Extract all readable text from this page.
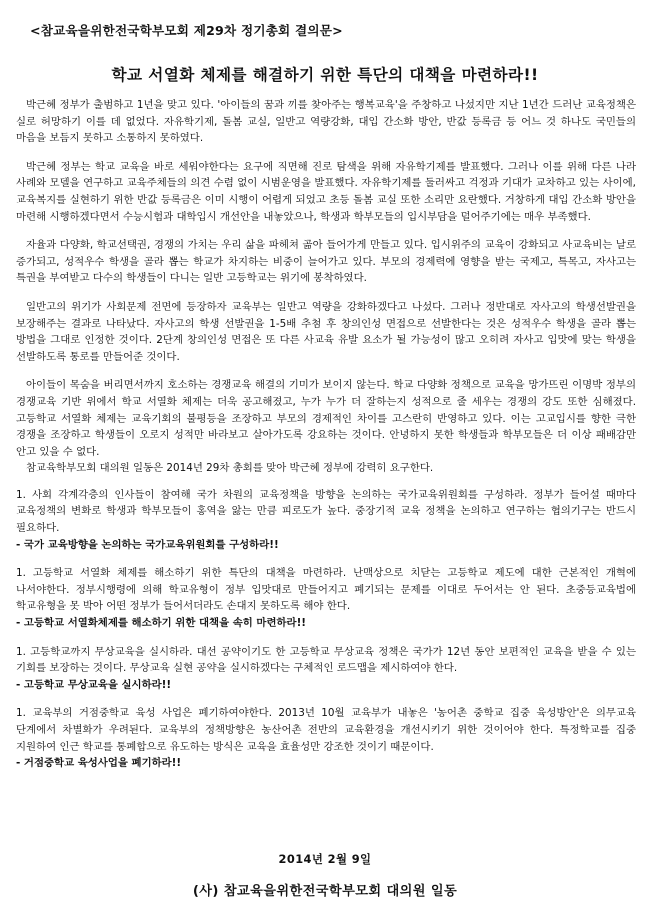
<참교육을위한전국학부모회 제29차 정기총회 결의문>
학교 서열화 체제를 해결하기 위한 특단의 대책을 마련하라!!

박근혜 정부가 출범하고 1년을 맞고 있다. '아이들의 꿈과 끼를 찾아주는 행복교육'을 주창하고 나섰지만 지난 1년간 드러난 교육정책은 실로 허망하기 이를 데 없었다. 자유학기제, 돌봄 교실, 일반고 역량강화, 대입 간소화 방안, 반값 등록금 등 어느 것 하나도 국민들의 마음을 보듬지 못하고 소통하지 못하였다.

박근혜 정부는 학교 교육을 바로 세워야한다는 요구에 직면해 진로 탐색을 위해 자유학기제를 발표했다. 그러나 이를 위해 다른 나라 사례와 모델을 연구하고 교육주체들의 의견 수렴 없이 시범운영을 발표했다. 자유학기제를 둘러싸고 걱정과 기대가 교차하고 있는 사이에, 교육복지를 실현하기 위한 반값 등록금은 이미 시행이 어렵게 되었고 초등 돌봄 교실 또한 소리만 요란했다. 거창하게 대입 간소화 방안을 마련해 시행하겠다면서 수능시험과 대학입시 개선안을 내놓았으나, 학생과 학부모들의 입시부담을 덜어주기에는 매우 부족했다.

자율과 다양화, 학교선택권, 경쟁의 가치는 우리 삶을 파헤쳐 곪아 들어가게 만들고 있다. 입시위주의 교육이 강화되고 사교육비는 날로 증가되고, 성적우수 학생을 골라 뽑는 학교가 차지하는 비중이 늘어가고 있다. 부모의 경제력에 영향을 받는 국제고, 특목고, 자사고는 특권을 부여받고 다수의 학생들이 다니는 일반 고등학교는 위기에 봉착하였다.

일반고의 위기가 사회문제 전면에 등장하자 교육부는 일반고 역량을 강화하겠다고 나섰다. 그러나 정반대로 자사고의 학생선발권을 보장해주는 결과로 나타났다. 자사고의 학생 선발권을 1-5배 추첨 후 창의인성 면접으로 선발한다는 것은 성적우수 학생을 골라 뽑는 방법을 그대로 인정한 것이다. 2단계 창의인성 면접은 또 다른 사교육 유발 요소가 될 가능성이 많고 오히려 자사고 입맛에 맞는 학생을 선발하도록 통로를 만들어준 것이다.

아이들이 목숨을 버리면서까지 호소하는 경쟁교육 해결의 기미가 보이지 않는다. 학교 다양화 정책으로 교육을 망가뜨린 이명박 정부의 경쟁교육 기반 위에서 학교 서열화 체제는 더욱 공고해졌고, 누가 누가 더 잘하는지 성적으로 줄 세우는 경쟁의 강도 또한 심해졌다. 고등학교 서열화 체제는 교육기회의 불평등을 조장하고 부모의 경제적인 차이를 고스란히 반영하고 있다. 이는 고교입시를 향한 극한 경쟁을 조장하고 학생들이 오로지 성적만 바라보고 살아가도록 강요하는 것이다. 안녕하지 못한 학생들과 학부모들은 더 이상 패배감만 안고 있을 수 없다.

참교육학부모회 대의원 일동은 2014년 29차 총회를 맞아 박근혜 정부에 강력히 요구한다.

1. 사회 각계각층의 인사들이 참여해 국가 차원의 교육정책을 방향을 논의하는 국가교육위원회를 구성하라. 정부가 들어설 때마다 교육정책의 변화로 학생과 학부모들이 홍역을 앓는 만큼 피로도가 높다. 중장기적 교육 정책을 논의하고 연구하는 협의기구는 반드시 필요하다.

- 국가 교육방향을 논의하는 국가교육위원회를 구성하라!!

1. 고등학교 서열화 체제를 해소하기 위한 특단의 대책을 마련하라. 난맥상으로 치닫는 고등학교 제도에 대한 근본적인 개혁에 나서야한다. 정부시행령에 의해 학교유형이 정부 입맛대로 만들어지고 폐기되는 문제를 이대로 두어서는 안 된다. 초중등교육법에 학교유형을 못 박아 어떤 정부가 들어서더라도 손대지 못하도록 해야 한다.

- 고등학교 서열화체제를 해소하기 위한 대책을 속히 마련하라!!

1. 고등학교까지 무상교육을 실시하라. 대선 공약이기도 한 고등학교 무상교육 정책은 국가가 12년 동안 보편적인 교육을 받을 수 있는 기회를 보장하는 것이다. 무상교육 실현 공약을 실시하겠다는 구체적인 로드맵을 제시하여야 한다.

- 고등학교 무상교육을 실시하라!!

1. 교육부의 거점중학교 육성 사업은 폐기하여야한다. 2013년 10월 교육부가 내놓은 '농어촌 중학교 집중 육성방안'은 의무교육 단계에서 차별화가 우려된다. 교육부의 정책방향은 농산어촌 전반의 교육환경을 개선시키기 위한 것이어야 한다. 특정학교를 집중 지원하여 인근 학교를 통폐합으로 유도하는 방식은 교육을 효율성만 강조한 것이기 때문이다.

- 거점중학교 육성사업을 폐기하라!!

2014년 2월 9일
(사) 참교육을위한전국학부모회 대의원 일동
